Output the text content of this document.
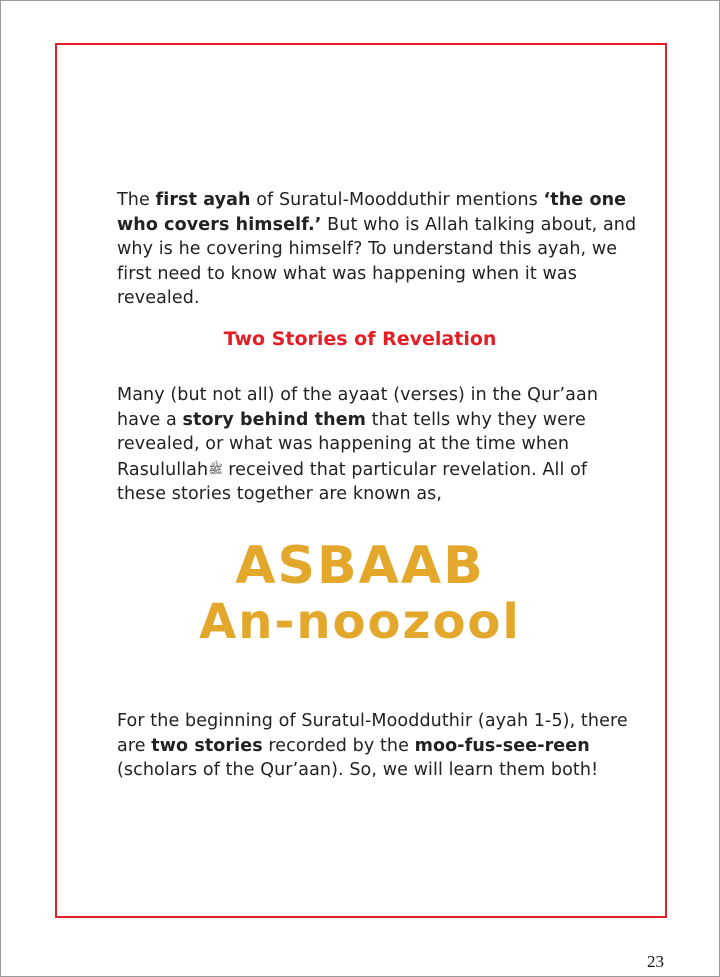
The first ayah of Suratul-Moodduthir mentions ‘the one who covers himself.’ But who is Allah talking about, and why is he covering himself? To understand this ayah, we first need to know what was happening when it was revealed.
Two Stories of Revelation
Many (but not all) of the ayaat (verses) in the Qur’aan have a story behind them that tells why they were revealed, or what was happening at the time when Rasulullahﷺ received that particular revelation. All of these stories together are known as,
ASBAAB
An-noozool
For the beginning of Suratul-Moodduthir (ayah 1-5), there are two stories recorded by the moo-fus-see-reen (scholars of the Qur’aan). So, we will learn them both!
23
